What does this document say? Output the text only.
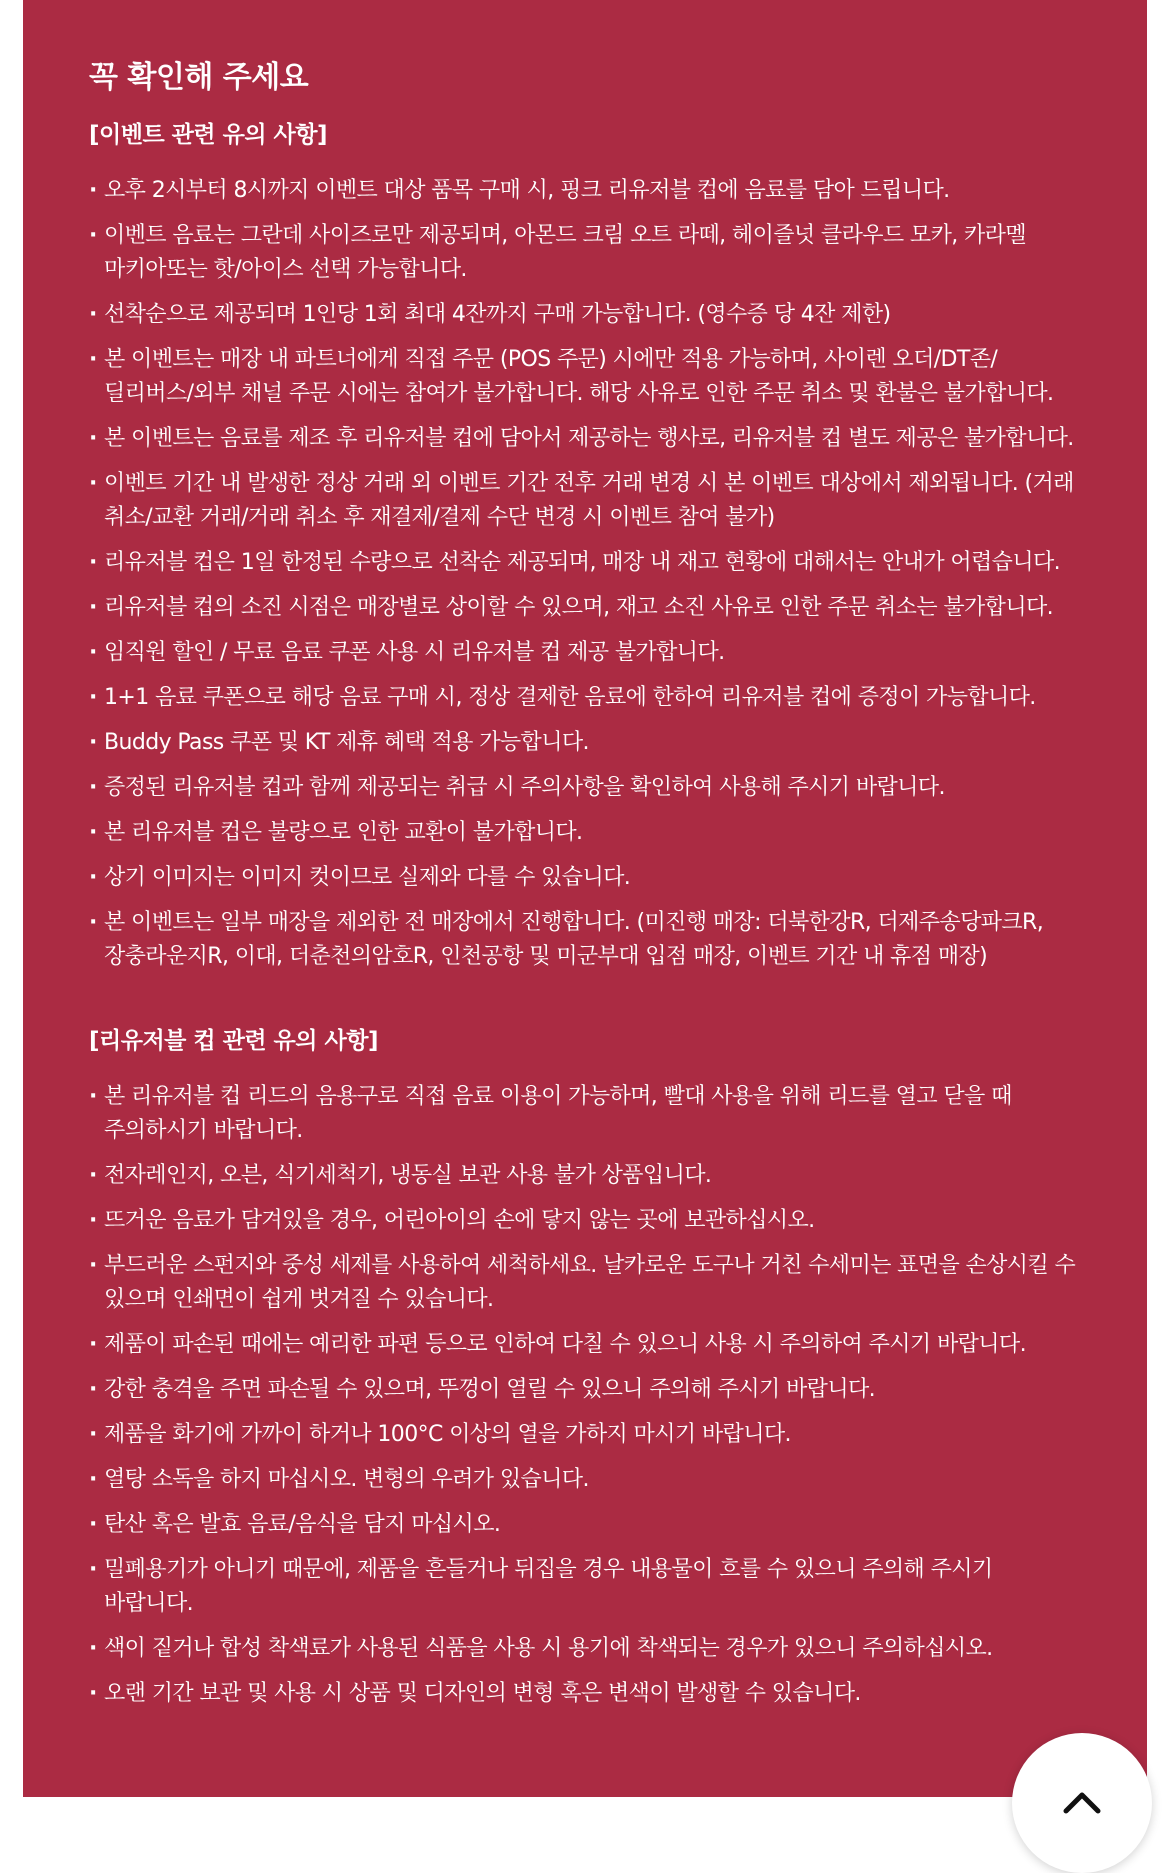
꼭 확인해 주세요
[이벤트 관련 유의 사항]
· 오후 2시부터 8시까지 이벤트 대상 품목 구매 시, 핑크 리유저블 컵에 음료를 담아 드립니다.
· 이벤트 음료는 그란데 사이즈로만 제공되며, 아몬드 크림 오트 라떼, 헤이즐넛 클라우드 모카, 카라멜 마키아또는 핫/아이스 선택 가능합니다.
· 선착순으로 제공되며 1인당 1회 최대 4잔까지 구매 가능합니다. (영수증 당 4잔 제한)
· 본 이벤트는 매장 내 파트너에게 직접 주문 (POS 주문) 시에만 적용 가능하며, 사이렌 오더/DT존/딜리버스/외부 채널 주문 시에는 참여가 불가합니다. 해당 사유로 인한 주문 취소 및 환불은 불가합니다.
· 본 이벤트는 음료를 제조 후 리유저블 컵에 담아서 제공하는 행사로, 리유저블 컵 별도 제공은 불가합니다.
· 이벤트 기간 내 발생한 정상 거래 외 이벤트 기간 전후 거래 변경 시 본 이벤트 대상에서 제외됩니다. (거래 취소/교환 거래/거래 취소 후 재결제/결제 수단 변경 시 이벤트 참여 불가)
· 리유저블 컵은 1일 한정된 수량으로 선착순 제공되며, 매장 내 재고 현황에 대해서는 안내가 어렵습니다.
· 리유저블 컵의 소진 시점은 매장별로 상이할 수 있으며, 재고 소진 사유로 인한 주문 취소는 불가합니다.
· 임직원 할인 / 무료 음료 쿠폰 사용 시 리유저블 컵 제공 불가합니다.
· 1+1 음료 쿠폰으로 해당 음료 구매 시, 정상 결제한 음료에 한하여 리유저블 컵에 증정이 가능합니다.
· Buddy Pass 쿠폰 및 KT 제휴 혜택 적용 가능합니다.
· 증정된 리유저블 컵과 함께 제공되는 취급 시 주의사항을 확인하여 사용해 주시기 바랍니다.
· 본 리유저블 컵은 불량으로 인한 교환이 불가합니다.
· 상기 이미지는 이미지 컷이므로 실제와 다를 수 있습니다.
· 본 이벤트는 일부 매장을 제외한 전 매장에서 진행합니다. (미진행 매장: 더북한강R, 더제주송당파크R, 장충라운지R, 이대, 더춘천의암호R, 인천공항 및 미군부대 입점 매장, 이벤트 기간 내 휴점 매장)
[리유저블 컵 관련 유의 사항]
· 본 리유저블 컵 리드의 음용구로 직접 음료 이용이 가능하며, 빨대 사용을 위해 리드를 열고 닫을 때 주의하시기 바랍니다.
· 전자레인지, 오븐, 식기세척기, 냉동실 보관 사용 불가 상품입니다.
· 뜨거운 음료가 담겨있을 경우, 어린아이의 손에 닿지 않는 곳에 보관하십시오.
· 부드러운 스펀지와 중성 세제를 사용하여 세척하세요. 날카로운 도구나 거친 수세미는 표면을 손상시킬 수 있으며 인쇄면이 쉽게 벗겨질 수 있습니다.
· 제품이 파손된 때에는 예리한 파편 등으로 인하여 다칠 수 있으니 사용 시 주의하여 주시기 바랍니다.
· 강한 충격을 주면 파손될 수 있으며, 뚜껑이 열릴 수 있으니 주의해 주시기 바랍니다.
· 제품을 화기에 가까이 하거나 100°C 이상의 열을 가하지 마시기 바랍니다.
· 열탕 소독을 하지 마십시오. 변형의 우려가 있습니다.
· 탄산 혹은 발효 음료/음식을 담지 마십시오.
· 밀폐용기가 아니기 때문에, 제품을 흔들거나 뒤집을 경우 내용물이 흐를 수 있으니 주의해 주시기 바랍니다.
· 색이 짙거나 합성 착색료가 사용된 식품을 사용 시 용기에 착색되는 경우가 있으니 주의하십시오.
· 오랜 기간 보관 및 사용 시 상품 및 디자인의 변형 혹은 변색이 발생할 수 있습니다.
